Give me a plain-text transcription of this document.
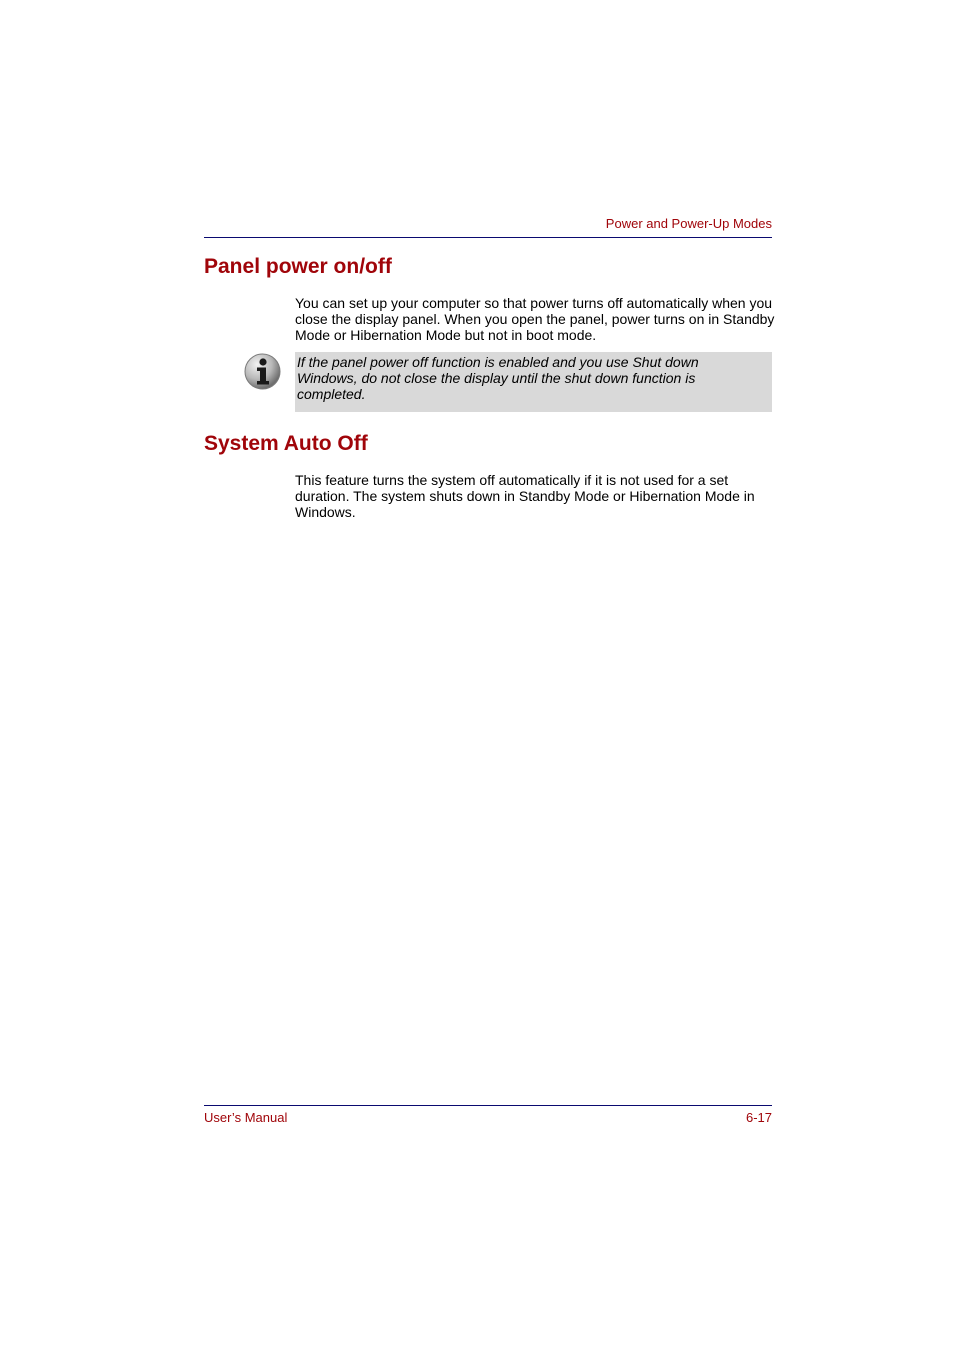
Power and Power-Up Modes
Panel power on/off

You can set up your computer so that power turns off automatically when you close the display panel. When you open the panel, power turns on in Standby Mode or Hibernation Mode but not in boot mode.

If the panel power off function is enabled and you use Shut down Windows, do not close the display until the shut down function is completed.

System Auto Off

This feature turns the system off automatically if it is not used for a set duration. The system shuts down in Standby Mode or Hibernation Mode in Windows.

User’s Manual	6-17
